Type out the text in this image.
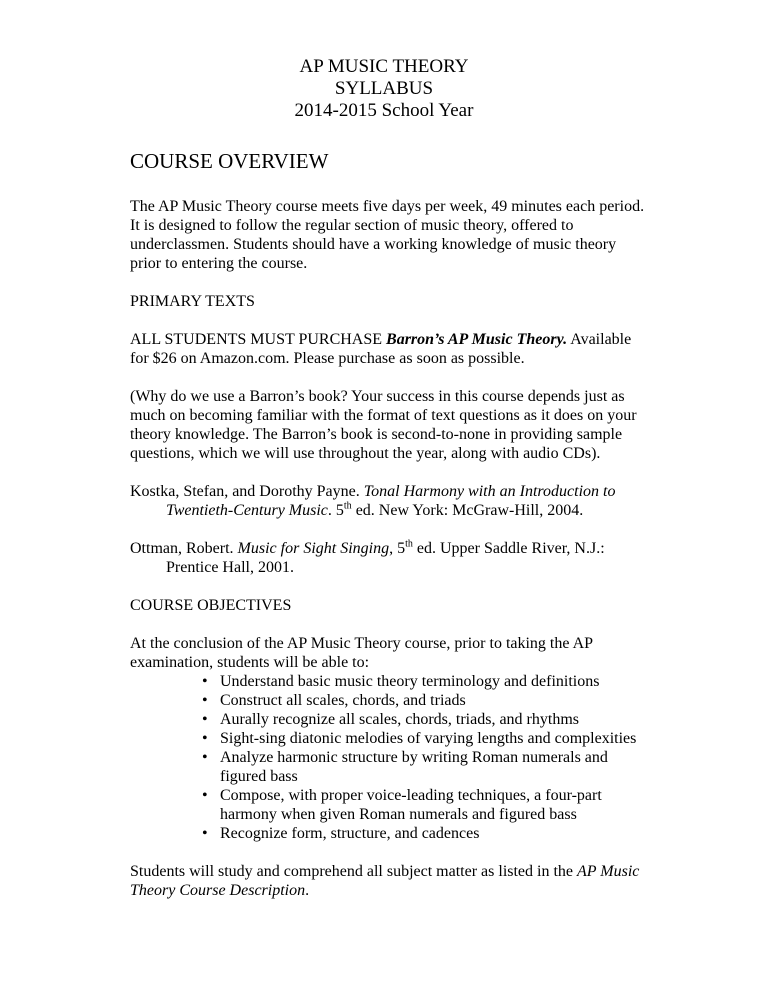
AP MUSIC THEORY
SYLLABUS
2014-2015 School Year
COURSE OVERVIEW

The AP Music Theory course meets five days per week, 49 minutes each period. It is designed to follow the regular section of music theory, offered to underclassmen. Students should have a working knowledge of music theory prior to entering the course.

PRIMARY TEXTS

ALL STUDENTS MUST PURCHASE Barron’s AP Music Theory. Available for $26 on Amazon.com. Please purchase as soon as possible.

(Why do we use a Barron’s book? Your success in this course depends just as much on becoming familiar with the format of text questions as it does on your theory knowledge. The Barron’s book is second-to-none in providing sample questions, which we will use throughout the year, along with audio CDs).

Kostka, Stefan, and Dorothy Payne. Tonal Harmony with an Introduction to Twentieth-Century Music. 5th ed. New York: McGraw-Hill, 2004.

Ottman, Robert. Music for Sight Singing, 5th ed. Upper Saddle River, N.J.: Prentice Hall, 2001.

COURSE OBJECTIVES

At the conclusion of the AP Music Theory course, prior to taking the AP examination, students will be able to:

• Understand basic music theory terminology and definitions
• Construct all scales, chords, and triads
• Aurally recognize all scales, chords, triads, and rhythms
• Sight-sing diatonic melodies of varying lengths and complexities
• Analyze harmonic structure by writing Roman numerals and figured bass
• Compose, with proper voice-leading techniques, a four-part harmony when given Roman numerals and figured bass
• Recognize form, structure, and cadences

Students will study and comprehend all subject matter as listed in the AP Music Theory Course Description.
